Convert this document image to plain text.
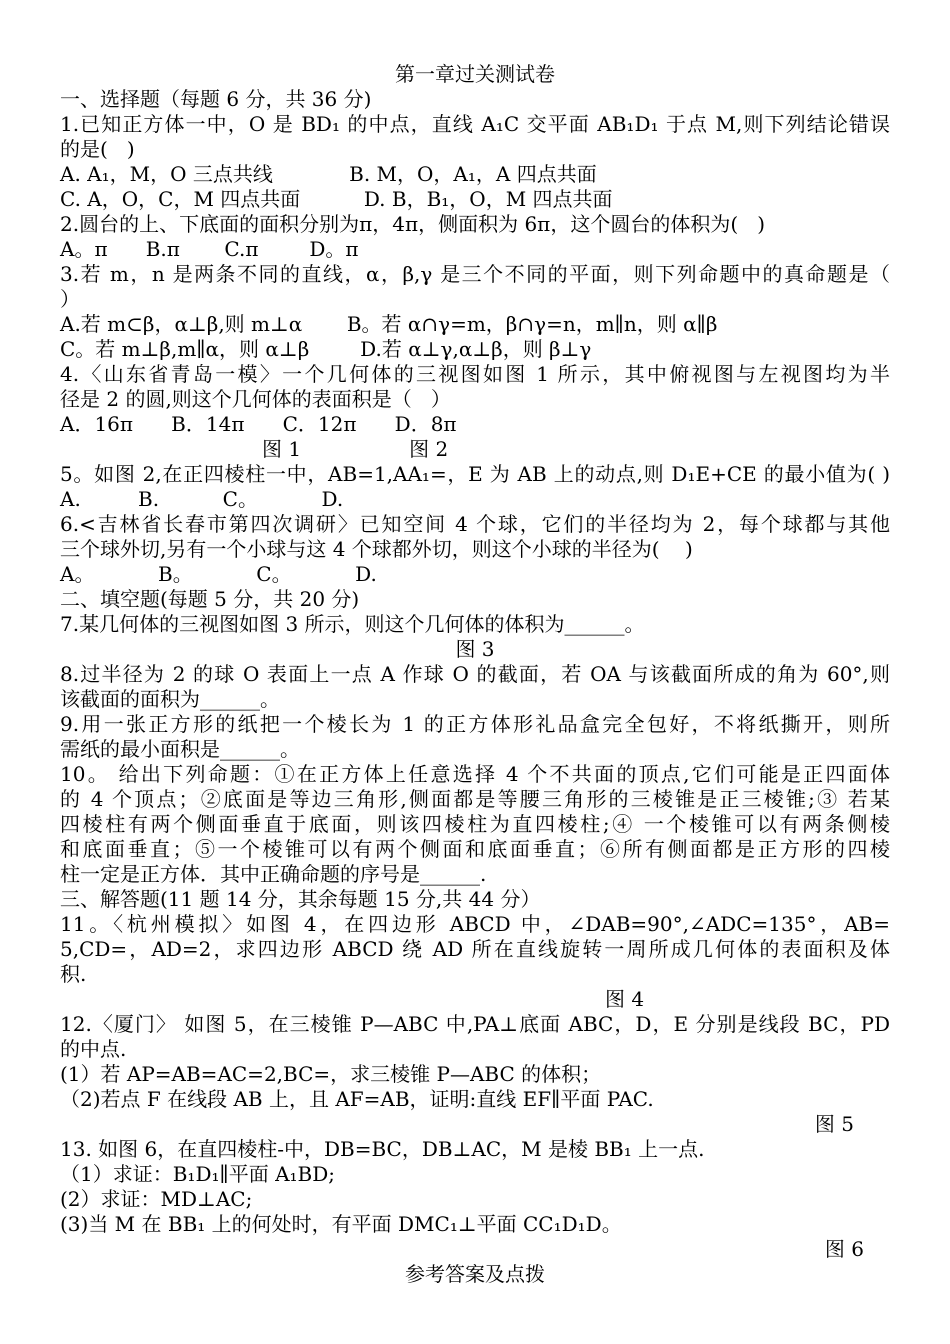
第一章过关测试卷
一、选择题（每题 6 分，共 36 分)
1.已知正方体一中，O 是 BD₁ 的中点，直线 A₁C 交平面 AB₁D₁ 于点 M,则下列结论错误
的是(   )
A. A₁，M，O 三点共线            B. M，O，A₁，A 四点共面
C. A，O，C，M 四点共面          D. B，B₁，O，M 四点共面
2.圆台的上、下底面的面积分别为π，4π，侧面积为 6π，这个圆台的体积为(   )
A。π      B.π       C.π        D。π
3.若 m，n 是两条不同的直线，α，β,γ 是三个不同的平面，则下列命题中的真命题是（
）
A.若 m⊂β，α⊥β,则 m⊥α       B。若 α∩γ=m，β∩γ=n，m∥n，则 α∥β
C。若 m⊥β,m∥α，则 α⊥β        D.若 α⊥γ,α⊥β，则 β⊥γ
4.〈山东省青岛一模〉一个几何体的三视图如图 1 所示，其中俯视图与左视图均为半
径是 2 的圆,则这个几何体的表面积是（   ）
A．16π      B．14π      C．12π      D．8π
图 1                 图 2
5。如图 2,在正四棱柱一中，AB=1,AA₁=，E 为 AB 上的动点,则 D₁E+CE 的最小值为( )
A.         B.          C。          D.
6.<吉林省长春市第四次调研〉已知空间 4 个球，它们的半径均为 2，每个球都与其他
三个球外切,另有一个小球与这 4 个球都外切，则这个小球的半径为(    )
A。          B。          C。          D.
二、填空题(每题 5 分，共 20 分)
7.某几何体的三视图如图 3 所示，则这个几何体的体积为______。
图 3
8.过半径为 2 的球 O 表面上一点 A 作球 O 的截面，若 OA 与该截面所成的角为 60°,则
该截面的面积为______。
9.用一张正方形的纸把一个棱长为 1 的正方体形礼品盒完全包好，不将纸撕开，则所
需纸的最小面积是______。
10。 给出下列命题：①在正方体上任意选择 4 个不共面的顶点,它们可能是正四面体
的 4 个顶点；②底面是等边三角形,侧面都是等腰三角形的三棱锥是正三棱锥;③ 若某
四棱柱有两个侧面垂直于底面，则该四棱柱为直四棱柱;④ 一个棱锥可以有两条侧棱
和底面垂直；⑤一个棱锥可以有两个侧面和底面垂直；⑥所有侧面都是正方形的四棱
柱一定是正方体．其中正确命题的序号是______.
三、解答题(11 题 14 分，其余每题 15 分,共 44 分）
11。〈杭州模拟〉如图 4，在四边形 ABCD 中，∠DAB=90°,∠ADC=135°，AB=
5,CD=，AD=2，求四边形 ABCD 绕 AD 所在直线旋转一周所成几何体的表面积及体
积.
图 4
12.〈厦门〉 如图 5，在三棱锥 P—ABC 中,PA⊥底面 ABC，D，E 分别是线段 BC，PD
的中点.
(1）若 AP=AB=AC=2,BC=，求三棱锥 P—ABC 的体积；
（2)若点 F 在线段 AB 上，且 AF=AB，证明:直线 EF∥平面 PAC.
图 5
13. 如图 6，在直四棱柱-中，DB=BC，DB⊥AC，M 是棱 BB₁ 上一点.
（1）求证：B₁D₁∥平面 A₁BD;
(2）求证：MD⊥AC;
(3)当 M 在 BB₁ 上的何处时，有平面 DMC₁⊥平面 CC₁D₁D。
图 6
参考答案及点拨
